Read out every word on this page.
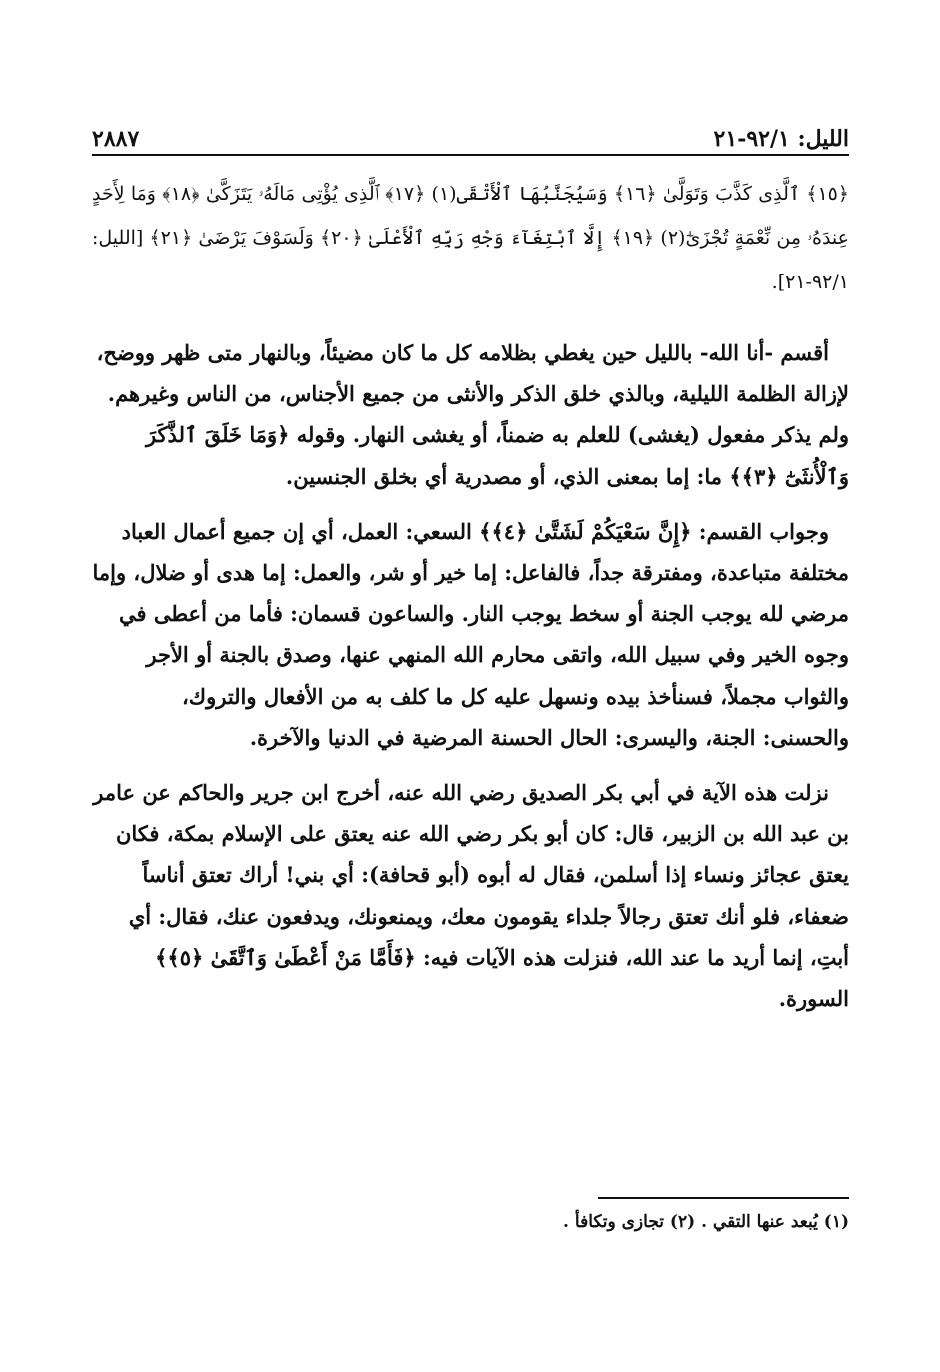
٢٨٨٧	الليل: ٩٢/١-٢١
﴿١٥﴾ ٱلَّذِى كَذَّبَ وَتَوَلَّىٰ ﴿١٦﴾ وَسَيُجَنَّبُهَا ٱلْأَتْقَى(١) ﴿١٧﴾ ٱلَّذِى يُؤْتِى مَالَهُۥ يَتَزَكَّىٰ ﴿١٨﴾ وَمَا لِأَحَدٍ عِندَهُۥ مِن نِّعْمَةٍ تُجْزَىٰٓ(٢) ﴿١٩﴾ إِلَّا ٱبْتِغَآءَ وَجْهِ رَبِّهِ ٱلْأَعْلَىٰ ﴿٢٠﴾ وَلَسَوْفَ يَرْضَىٰ ﴿٢١﴾ [الليل: ٩٢/١-٢١].

أقسم -أنا الله- بالليل حين يغطي بظلامه كل ما كان مضيئاً، وبالنهار متى ظهر ووضح، لإزالة الظلمة الليلية، وبالذي خلق الذكر والأنثى من جميع الأجناس، من الناس وغيرهم. ولم يذكر مفعول (يغشى) للعلم به ضمناً، أو يغشى النهار. وقوله ﴿وَمَا خَلَقَ ٱلذَّكَرَ وَٱلْأُنثَىٰٓ ﴿٣﴾﴾ ما: إما بمعنى الذي، أو مصدرية أي بخلق الجنسين.

وجواب القسم: ﴿إِنَّ سَعْيَكُمْ لَشَتَّىٰ ﴿٤﴾﴾ السعي: العمل، أي إن جميع أعمال العباد مختلفة متباعدة، ومفترقة جداً، فالفاعل: إما خير أو شر، والعمل: إما هدى أو ضلال، وإما مرضي لله يوجب الجنة أو سخط يوجب النار. والساعون قسمان: فأما من أعطى في وجوه الخير وفي سبيل الله، واتقى محارم الله المنهي عنها، وصدق بالجنة أو الأجر والثواب مجملاً، فسنأخذ بيده ونسهل عليه كل ما كلف به من الأفعال والتروك، والحسنى: الجنة، واليسرى: الحال الحسنة المرضية في الدنيا والآخرة.

نزلت هذه الآية في أبي بكر الصديق رضي الله عنه، أخرج ابن جرير والحاكم عن عامر بن عبد الله بن الزبير، قال: كان أبو بكر رضي الله عنه يعتق على الإسلام بمكة، فكان يعتق عجائز ونساء إذا أسلمن، فقال له أبوه (أبو قحافة): أي بني! أراك تعتق أناساً ضعفاء، فلو أنك تعتق رجالاً جلداء يقومون معك، ويمنعونك، ويدفعون عنك، فقال: أي أبتِ، إنما أريد ما عند الله، فنزلت هذه الآيات فيه: ﴿فَأَمَّا مَنْ أَعْطَىٰ وَٱتَّقَىٰ ﴿٥﴾﴾ السورة.

(١) يُبعد عنها التقي . (٢) تجازى وتكافأ .
